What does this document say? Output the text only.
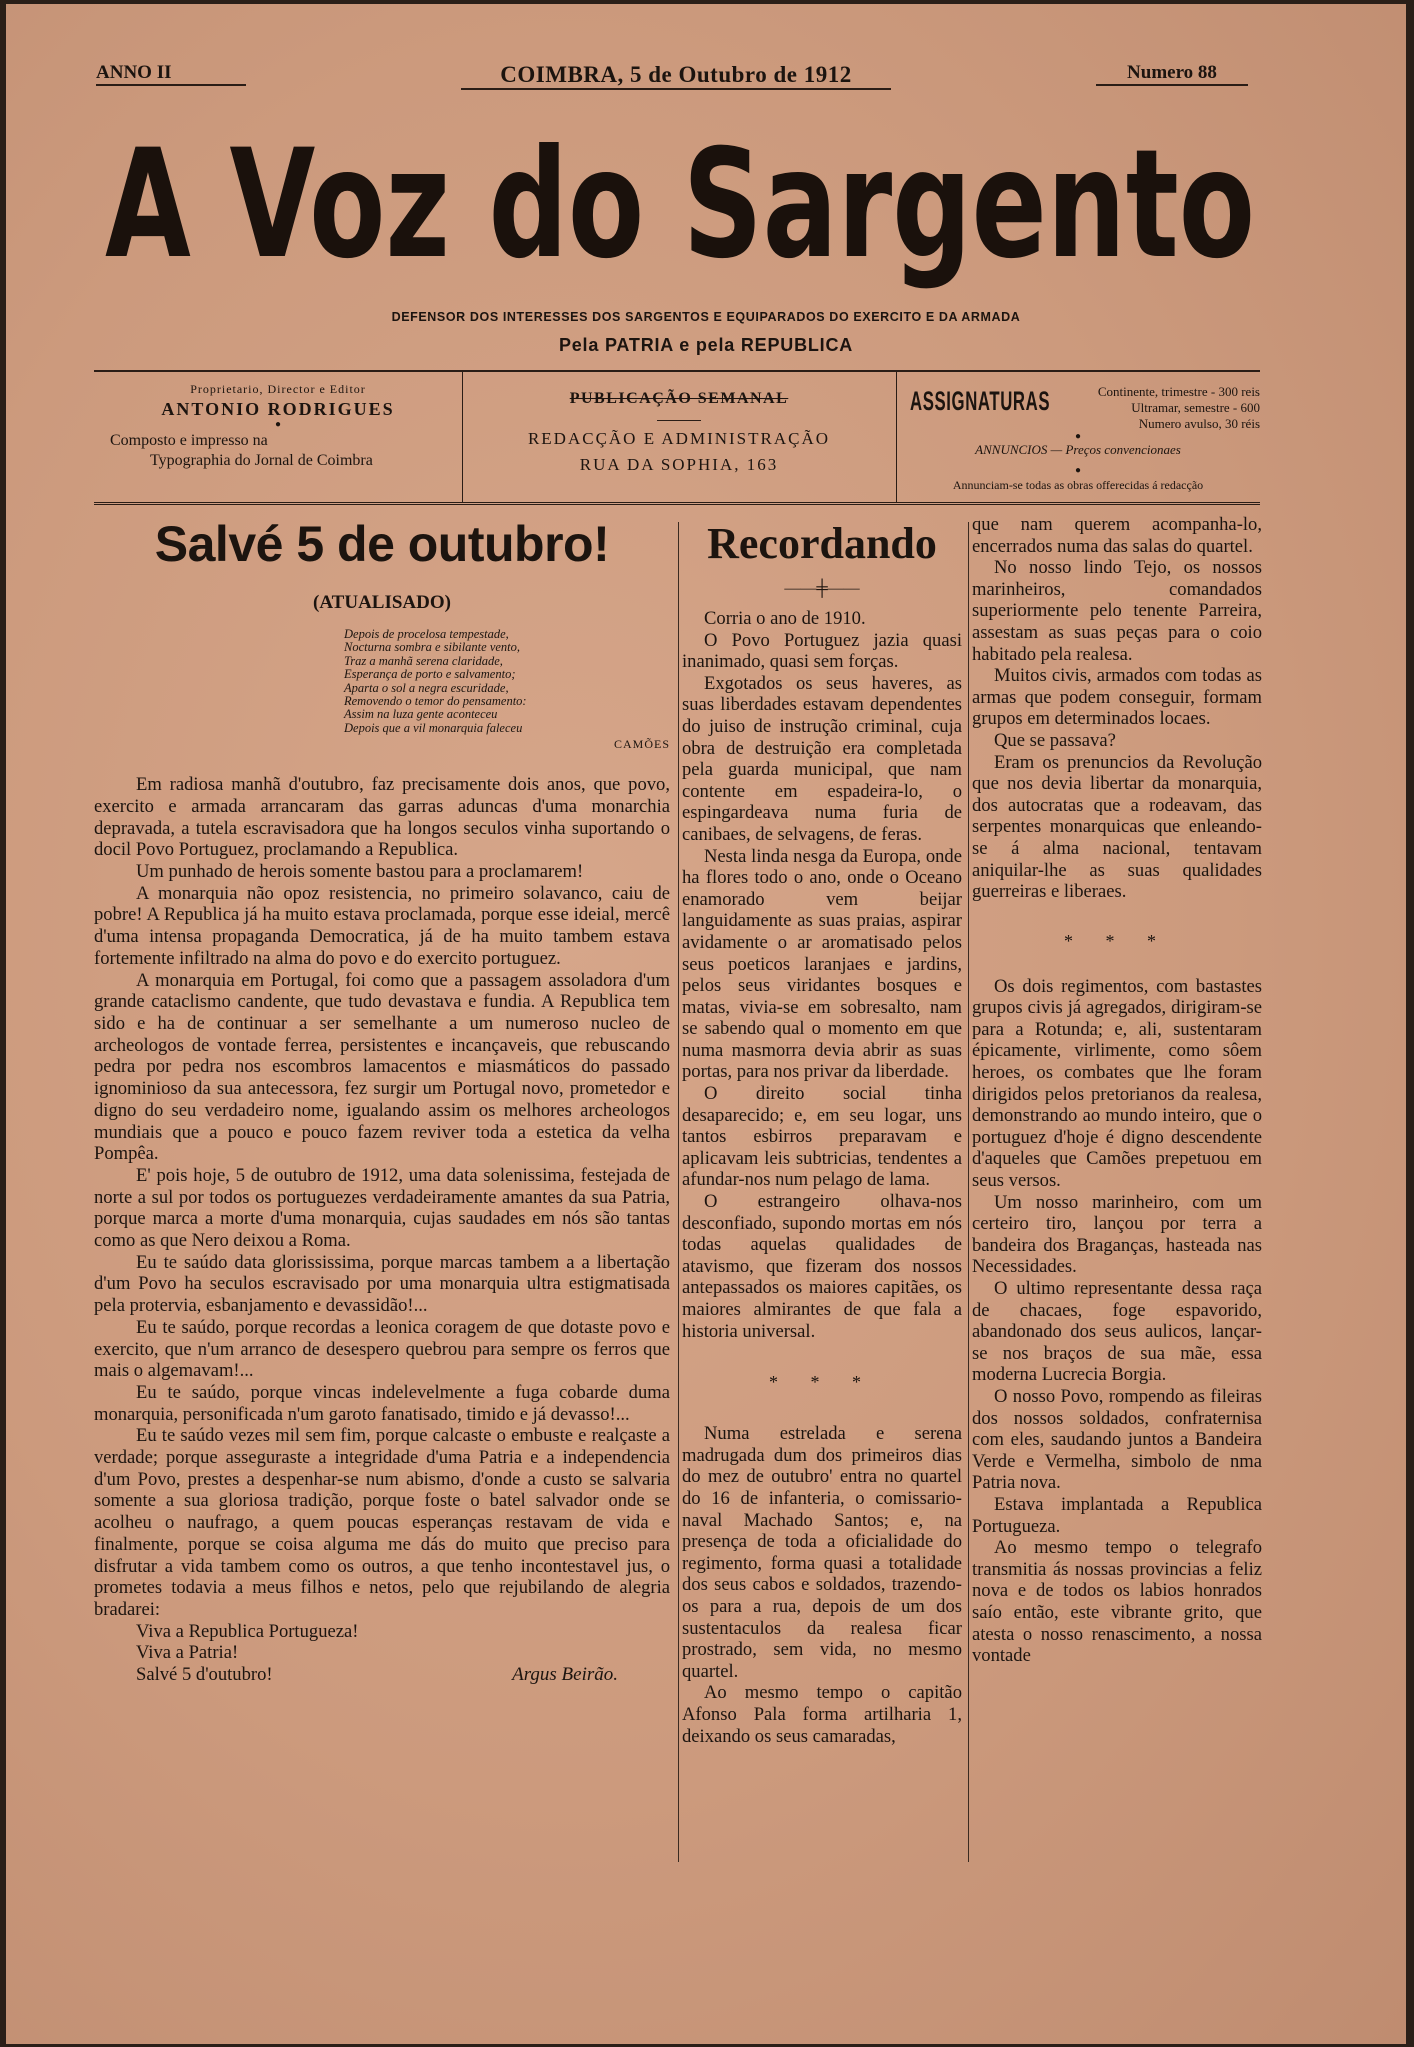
ANNO II	COIMBRA, 5 de Outubro de 1912	Numero 88
A Voz do Sargento
DEFENSOR DOS INTERESSES DOS SARGENTOS E EQUIPARADOS DO EXERCITO E DA ARMADA
Pela PATRIA e pela REPUBLICA
Proprietario, Director e Editor
ANTONIO RODRIGUES
●
Composto e impresso na
Typographia do Jornal de Coimbra
PUBLICAÇÃO SEMANAL
REDACÇÃO E ADMINISTRAÇÃO
RUA DA SOPHIA, 163
ASSIGNATURAS	Continente, trimestre - 300 reis
Ultramar, semestre - 600
Numero avulso, 30 réis
●
ANNUNCIOS — Preços convencionaes
●
Annunciam-se todas as obras offerecidas á redacção
Salvé 5 de outubro!
(ATUALISADO)
Depois de procelosa tempestade,
Nocturna sombra e sibilante vento,
Traz a manhã serena claridade,
Esperança de porto e salvamento;
Aparta o sol a negra escuridade,
Removendo o temor do pensamento:
Assim na luza gente aconteceu
Depois que a vil monarquia faleceu
CAMÕES

Em radiosa manhã d'outubro, faz precisamente dois anos, que povo, exercito e armada arrancaram das garras aduncas d'uma monarchia depravada, a tutela escravisadora que ha longos seculos vinha suportando o docil Povo Portuguez, proclamando a Republica.

Um punhado de herois somente bastou para a proclamarem!

A monarquia não opoz resistencia, no primeiro solavanco, caiu de pobre! A Republica já ha muito estava proclamada, porque esse ideial, mercê d'uma intensa propaganda Democratica, já de ha muito tambem estava fortemente infiltrado na alma do povo e do exercito portuguez.

A monarquia em Portugal, foi como que a passagem assoladora d'um grande cataclismo candente, que tudo devastava e fundia. A Republica tem sido e ha de continuar a ser semelhante a um numeroso nucleo de archeologos de vontade ferrea, persistentes e incançaveis, que rebuscando pedra por pedra nos escombros lamacentos e miasmáticos do passado ignominioso da sua antecessora, fez surgir um Portugal novo, prometedor e digno do seu verdadeiro nome, igualando assim os melhores archeologos mundiais que a pouco e pouco fazem reviver toda a estetica da velha Pompêa.

E' pois hoje, 5 de outubro de 1912, uma data solenissima, festejada de norte a sul por todos os portuguezes verdadeiramente amantes da sua Patria, porque marca a morte d'uma monarquia, cujas saudades em nós são tantas como as que Nero deixou a Roma.

Eu te saúdo data glorississima, porque marcas tambem a a libertação d'um Povo ha seculos escravisado por uma monarquia ultra estigmatisada pela protervia, esbanjamento e devassidão!...

Eu te saúdo, porque recordas a leonica coragem de que dotaste povo e exercito, que n'um arranco de desespero quebrou para sempre os ferros que mais o algemavam!...

Eu te saúdo, porque vincas indelevelmente a fuga cobarde duma monarquia, personificada n'um garoto fanatisado, timido e já devasso!...

Eu te saúdo vezes mil sem fim, porque calcaste o embuste e realçaste a verdade; porque asseguraste a integridade d'uma Patria e a independencia d'um Povo, prestes a despenhar-se num abismo, d'onde a custo se salvaria somente a sua gloriosa tradição, porque foste o batel salvador onde se acolheu o naufrago, a quem poucas esperanças restavam de vida e finalmente, porque se coisa alguma me dás do muito que preciso para disfrutar a vida tambem como os outros, a que tenho incontestavel jus, o prometes todavia a meus filhos e netos, pelo que rejubilando de alegria bradarei:

Viva a Republica Portugueza!
Viva a Patria!
Salvé 5 d'outubro!	Argus Beirão.
Recordando
——╪——

Corria o ano de 1910.

O Povo Portuguez jazia quasi inanimado, quasi sem forças.

Exgotados os seus haveres, as suas liberdades estavam dependentes do juiso de instrução criminal, cuja obra de destruição era completada pela guarda municipal, que nam contente em espadeira-lo, o espingardeava numa furia de canibaes, de selvagens, de feras.

Nesta linda nesga da Europa, onde ha flores todo o ano, onde o Oceano enamorado vem beijar languidamente as suas praias, aspirar avidamente o ar aromatisado pelos seus poeticos laranjaes e jardins, pelos seus viridantes bosques e matas, vivia-se em sobresalto, nam se sabendo qual o momento em que numa masmorra devia abrir as suas portas, para nos privar da liberdade.

O direito social tinha desaparecido; e, em seu logar, uns tantos esbirros preparavam e aplicavam leis subtricias, tendentes a afundar-nos num pelago de lama.

O estrangeiro olhava-nos desconfiado, supondo mortas em nós todas aquelas qualidades de atavismo, que fizeram dos nossos antepassados os maiores capitães, os maiores almirantes de que fala a historia universal.

* * *

Numa estrelada e serena madrugada dum dos primeiros dias do mez de outubro' entra no quartel do 16 de infanteria, o comissario-naval Machado Santos; e, na presença de toda a oficialidade do regimento, forma quasi a totalidade dos seus cabos e soldados, trazendo-os para a rua, depois de um dos sustentaculos da realesa ficar prostrado, sem vida, no mesmo quartel.

Ao mesmo tempo o capitão Afonso Pala forma artilharia 1, deixando os seus camaradas,

que nam querem acompanha-lo, encerrados numa das salas do quartel.

No nosso lindo Tejo, os nossos marinheiros, comandados superiormente pelo tenente Parreira, assestam as suas peças para o coio habitado pela realesa.

Muitos civis, armados com todas as armas que podem conseguir, formam grupos em determinados locaes.

Que se passava?

Eram os prenuncios da Revolução que nos devia libertar da monarquia, dos autocratas que a rodeavam, das serpentes monarquicas que enleando-se á alma nacional, tentavam aniquilar-lhe as suas qualidades guerreiras e liberaes.

* * *

Os dois regimentos, com bastastes grupos civis já agregados, dirigiram-se para a Rotunda; e, ali, sustentaram épicamente, virlimente, como sôem heroes, os combates que lhe foram dirigidos pelos pretorianos da realesa, demonstrando ao mundo inteiro, que o portuguez d'hoje é digno descendente d'aqueles que Camões prepetuou em seus versos.

Um nosso marinheiro, com um certeiro tiro, lançou por terra a bandeira dos Braganças, hasteada nas Necessidades.

O ultimo representante dessa raça de chacaes, foge espavorido, abandonado dos seus aulicos, lançar-se nos braços de sua mãe, essa moderna Lucrecia Borgia.

O nosso Povo, rompendo as fileiras dos nossos soldados, confraternisa com eles, saudando juntos a Bandeira Verde e Vermelha, simbolo de nma Patria nova.

Estava implantada a Republica Portugueza.

Ao mesmo tempo o telegrafo transmitia ás nossas provincias a feliz nova e de todos os labios honrados saío então, este vibrante grito, que atesta o nosso renascimento, a nossa vontade
